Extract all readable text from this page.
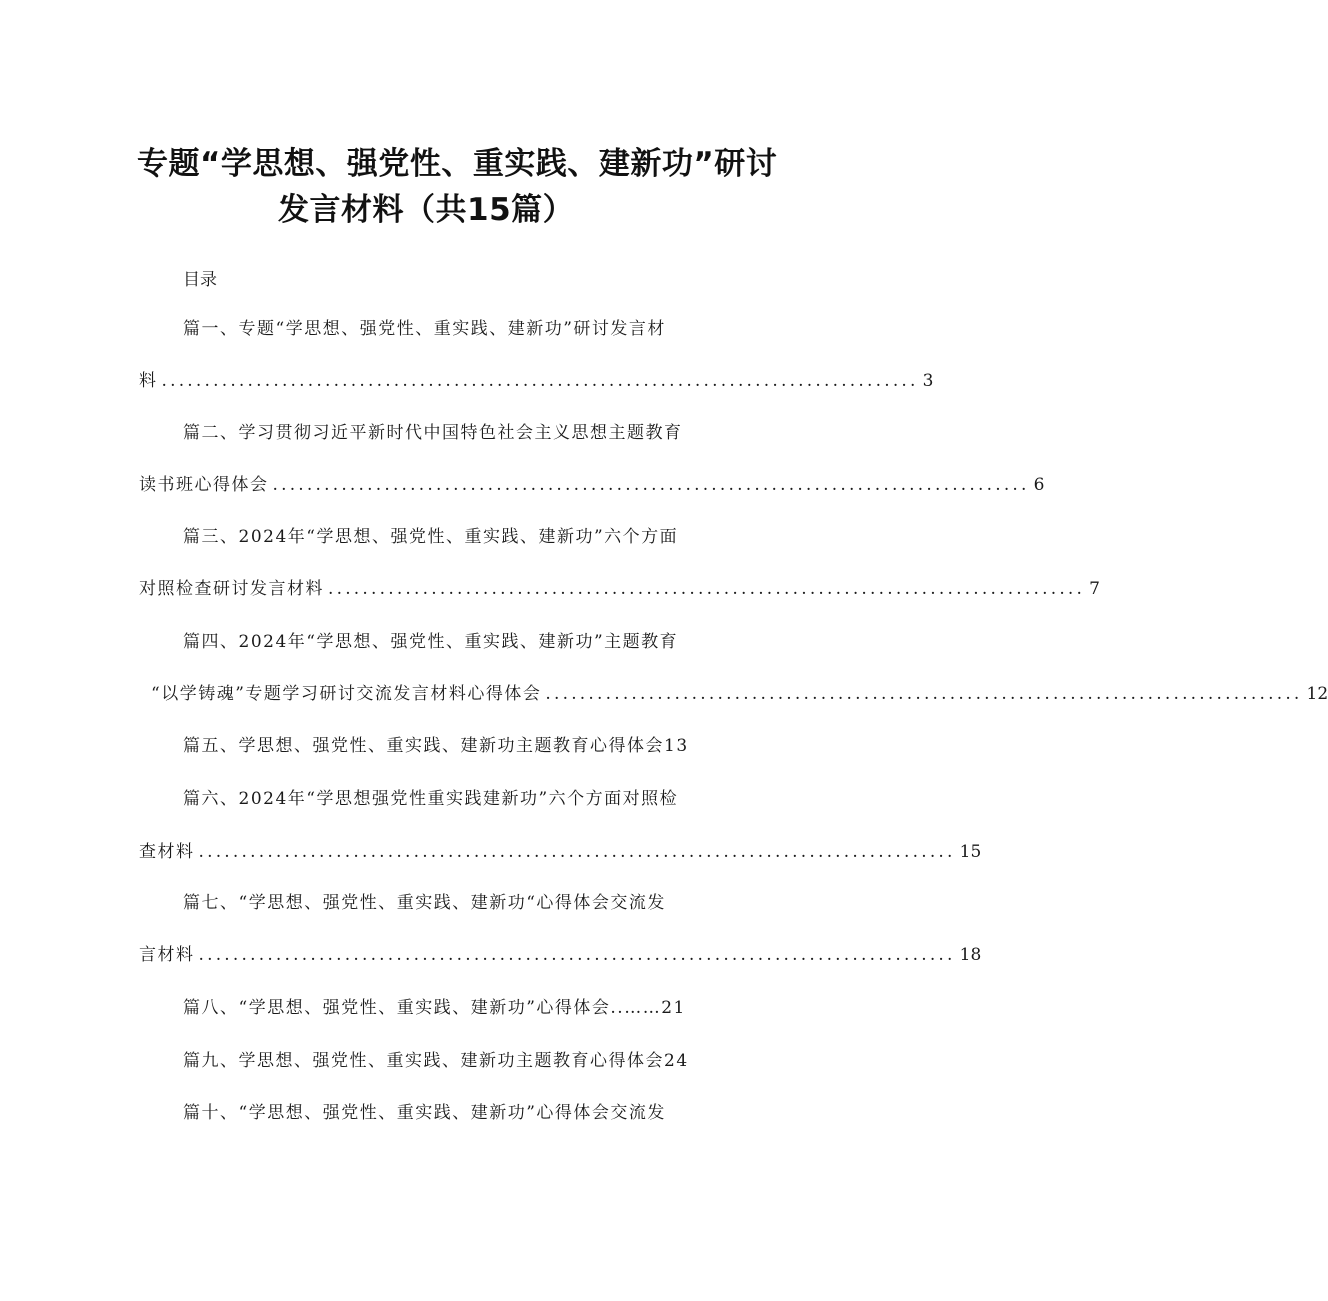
专题“学思想、强党性、重实践、建新功”研讨
发言材料（共15篇）
目录
篇一、专题“学思想、强党性、重实践、建新功”研讨发言材
料 ........................................................................................ 3
篇二、学习贯彻习近平新时代中国特色社会主义思想主题教育
读书班心得体会 ........................................................................................ 6
篇三、2024年“学思想、强党性、重实践、建新功”六个方面
对照检查研讨发言材料 ........................................................................................ 7
篇四、2024年“学思想、强党性、重实践、建新功”主题教育
“以学铸魂”专题学习研讨交流发言材料心得体会 ........................................................................................ 12
篇五、学思想、强党性、重实践、建新功主题教育心得体会13
篇六、2024年“学思想强党性重实践建新功”六个方面对照检
查材料 ........................................................................................ 15
篇七、“学思想、强党性、重实践、建新功“心得体会交流发
言材料 ........................................................................................ 18
篇八、“学思想、强党性、重实践、建新功”心得体会..……21
篇九、学思想、强党性、重实践、建新功主题教育心得体会24
篇十、“学思想、强党性、重实践、建新功”心得体会交流发
